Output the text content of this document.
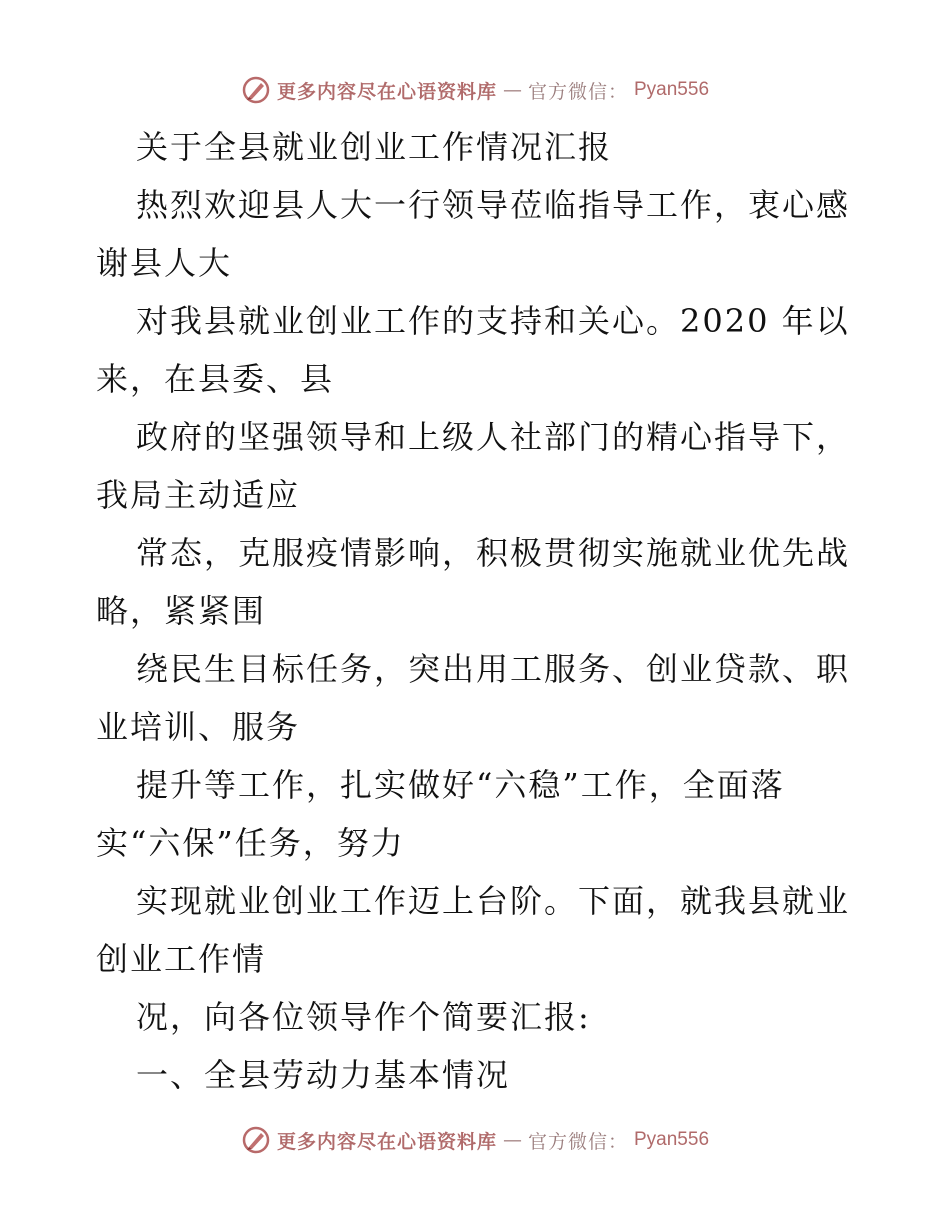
更多内容尽在心语资料库 — 官方微信： Pyan556
关于全县就业创业工作情况汇报
热烈欢迎县人大一行领导莅临指导工作，衷心感
谢县人大
对我县就业创业工作的支持和关心。2020 年以
来，在县委、县
政府的坚强领导和上级人社部门的精心指导下，
我局主动适应
常态，克服疫情影响，积极贯彻实施就业优先战
略，紧紧围
绕民生目标任务，突出用工服务、创业贷款、职
业培训、服务
提升等工作，扎实做好“六稳”工作，全面落
实“六保”任务，努力
实现就业创业工作迈上台阶。下面，就我县就业
创业工作情
况，向各位领导作个简要汇报:
一、全县劳动力基本情况
更多内容尽在心语资料库 — 官方微信： Pyan556
